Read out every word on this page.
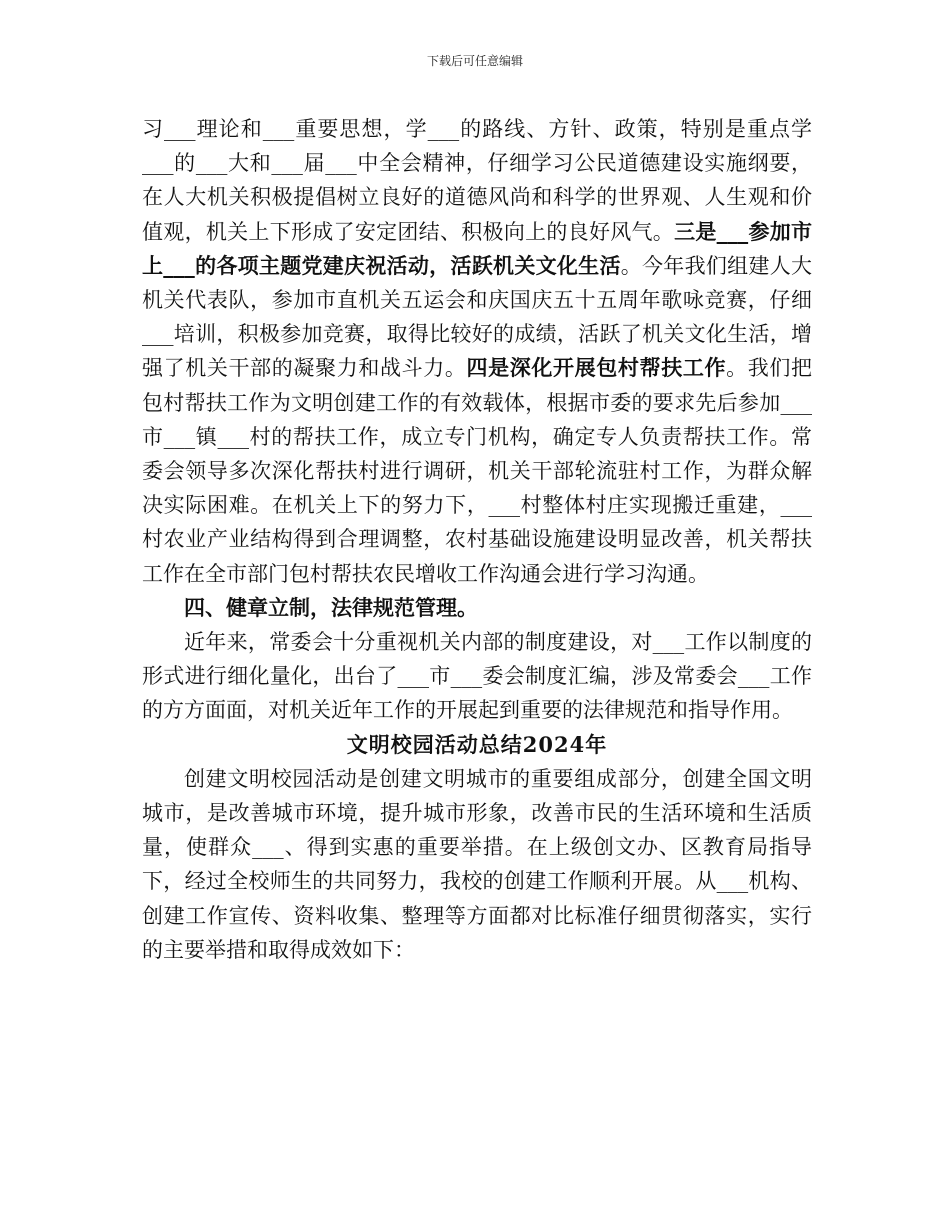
下载后可任意编辑

习___理论和___重要思想，学___的路线、方针、政策，特别是重点学___的___大和___届___中全会精神，仔细学习公民道德建设实施纲要，在人大机关积极提倡树立良好的道德风尚和科学的世界观、人生观和价值观，机关上下形成了安定团结、积极向上的良好风气。三是___参加市上___的各项主题党建庆祝活动，活跃机关文化生活。今年我们组建人大机关代表队，参加市直机关五运会和庆国庆五十五周年歌咏竞赛，仔细___培训，积极参加竞赛，取得比较好的成绩，活跃了机关文化生活，增强了机关干部的凝聚力和战斗力。四是深化开展包村帮扶工作。我们把包村帮扶工作为文明创建工作的有效载体，根据市委的要求先后参加___市___镇___村的帮扶工作，成立专门机构，确定专人负责帮扶工作。常委会领导多次深化帮扶村进行调研，机关干部轮流驻村工作，为群众解决实际困难。在机关上下的努力下，___村整体村庄实现搬迁重建，___村农业产业结构得到合理调整，农村基础设施建设明显改善，机关帮扶工作在全市部门包村帮扶农民增收工作沟通会进行学习沟通。

四、健章立制，法律规范管理。

近年来，常委会十分重视机关内部的制度建设，对___工作以制度的形式进行细化量化，出台了___市___委会制度汇编，涉及常委会___工作的方方面面，对机关近年工作的开展起到重要的法律规范和指导作用。

文明校园活动总结2024年

创建文明校园活动是创建文明城市的重要组成部分，创建全国文明城市，是改善城市环境，提升城市形象，改善市民的生活环境和生活质量，使群众___、得到实惠的重要举措。在上级创文办、区教育局指导下，经过全校师生的共同努力，我校的创建工作顺利开展。从___机构、创建工作宣传、资料收集、整理等方面都对比标准仔细贯彻落实，实行的主要举措和取得成效如下：
